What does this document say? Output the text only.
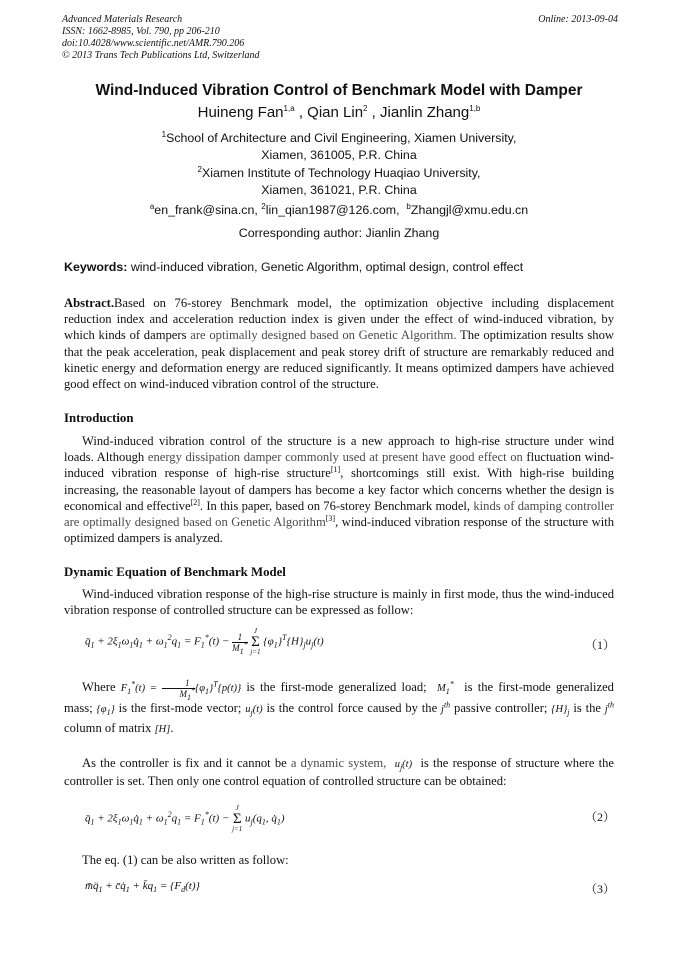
Advanced Materials Research	Online: 2013-09-04
ISSN: 1662-8985, Vol. 790, pp 206-210
doi:10.4028/www.scientific.net/AMR.790.206
© 2013 Trans Tech Publications Ltd, Switzerland
Wind-Induced Vibration Control of Benchmark Model with Damper
Huineng Fan$^{1,a}$ , Qian Lin$^2$ , Jianlin Zhang$^{1,b}$
$^1$School of Architecture and Civil Engineering, Xiamen University,
Xiamen, 361005, P.R. China
$^2$Xiamen Institute of Technology Huaqiao University,
Xiamen, 361021, P.R. China
$^a$en_frank@sina.cn, $^2$lin_qian1987@126.com, $^b$Zhangjl@xmu.edu.cn
Corresponding author: Jianlin Zhang
Keywords: wind-induced vibration, Genetic Algorithm, optimal design, control effect
Abstract.Based on 76-storey Benchmark model, the optimization objective including displacement reduction index and acceleration reduction index is given under the effect of wind-induced vibration, by which kinds of dampers are optimally designed based on Genetic Algorithm. The optimization results show that the peak acceleration, peak displacement and peak storey drift of structure are remarkably reduced and kinetic energy and deformation energy are reduced significantly. It means optimized dampers have achieved good effect on wind-induced vibration control of the structure.
Introduction
Wind-induced vibration control of the structure is a new approach to high-rise structure under wind loads. Although energy dissipation damper commonly used at present have good effect on fluctuation wind-induced vibration response of high-rise structure[1], shortcomings still exist. With high-rise building increasing, the reasonable layout of dampers has become a key factor which concerns whether the design is economical and effective[2]. In this paper, based on 76-storey Benchmark model, kinds of damping controller are optimally designed based on Genetic Algorithm[3], wind-induced vibration response of the structure with optimized dampers is analyzed.
Dynamic Equation of Benchmark Model
Wind-induced vibration response of the high-rise structure is mainly in first mode, thus the wind-induced vibration response of controlled structure can be expressed as follow:
$q̈_1$ + $2\xi_1\omega_1q̇_1 + \omega_1^2q_1 = F_1^*(t) - \frac{1}{M_1^*}$
J
Σ
j=1 $\{\varphi_1\}^T\{H\}_ju_j(t)$	（1）
Where $F_1^*(t) = \frac{1}{M_1^*} \{\varphi_1\}^T\{p(t)\}$ is the first-mode generalized load; $M_1^*$ is the first-mode generalized mass; $\{\varphi_1\}$ is the first-mode vector; $u_j(t)$ is the control force caused by the $j^{th}$ passive controller; $\{H\}_j$ is the $j^{th}$ column of matrix [H].
As the controller is fix and it cannot be a dynamic system, $u_j(t)$ is the response of structure where the controller is set. Then only one control equation of controlled structure can be obtained:
$q̈_1$ + $2\xi_1\omega_1q̇_1 + \omega_1^2q_1 = F_1^*(t) - J$
Σ
j=1 $u_j(q_1$, $q̇_1$)	（2）
The eq. (1) can be also written as follow:
$m̄q̈_1$ + $c̄q̇_1$ + $k̄q_1 = \{F_d(t)\}$	（3）
